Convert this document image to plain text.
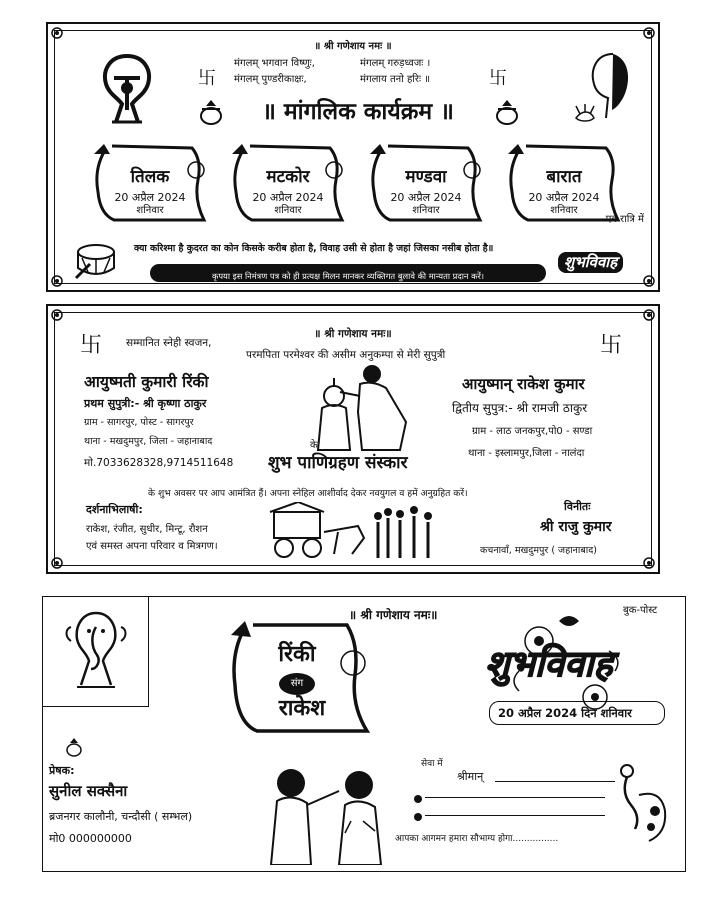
卐	卐
॥ श्री गणेशाय नमः ॥
मंगलम् भगवान विष्णुः,
मंगलम् पुण्डरीकाक्षः,
मंगलम् गरुड़ध्वजः ।
मंगलाय तनो हरिः ॥
॥ मांगलिक कार्यक्रम ॥
तिलक
20 अप्रैल 2024
शनिवार
मटकोर
20 अप्रैल 2024
शनिवार
मण्डवा
20 अप्रैल 2024
शनिवार
बारात
20 अप्रैल 2024
शनिवार
एवं रात्रि में
शुभविवाह
क्या करिश्मा है कुदरत का कोन किसके करीब होता है, विवाह उसी से होता है जहां जिसका नसीब होता है॥
कृपया इस निमंत्रण पत्र को ही प्रत्यक्ष मिलन मानकर व्यक्तिगत बुलावे की मान्यता प्रदान करें।
卐	卐
॥ श्री गणेशाय नमः॥
सम्मानित स्नेही स्वजन,
परमपिता परमेश्वर की असीम अनुकम्पा से मेरी सुपुत्री
आयुष्मती कुमारी रिंकी
प्रथम सुपुत्री:- श्री कृष्णा ठाकुर
ग्राम - सागरपुर, पोस्ट - सागरपुर
थाना - मखदुमपुर, जिला - जहानाबाद
मो.7033628328,9714511648
आयुष्मान् राकेश कुमार
द्वितीय सुपुत्र:- श्री रामजी ठाकुर
ग्राम - लाठ जनकपुर,पो0 - सण्डा
थाना - इस्लामपुर,जिला - नालंदा
के
शुभ पाणिग्रहण संस्कार
के शुभ अवसर पर आप आमंत्रित हैं। अपना स्नेहिल आशीर्वाद देकर नवयुगल व हमें अनुग्रहित करें।
दर्शनाभिलाषी:
राकेश, रंजीत, सुधीर, मिन्टू, रौशन
एवं समस्त अपना परिवार व मित्रगण।
विनीतः
श्री राजु कुमार
कचनावाँ, मखदुमपुर ( जहानाबाद)
॥ श्री गणेशाय नमः॥	बुक-पोस्ट
रिंकी
संग
राकेश
शुभविवाह
20 अप्रैल 2024 दिन शनिवार
प्रेषक:
सुनील सक्सैना
ब्रजनगर कालौनी, चन्दौसी ( सम्भल)
मो0 000000000
सेवा में
श्रीमान्
आपका आगमन हमारा सौभाग्य होगा................
